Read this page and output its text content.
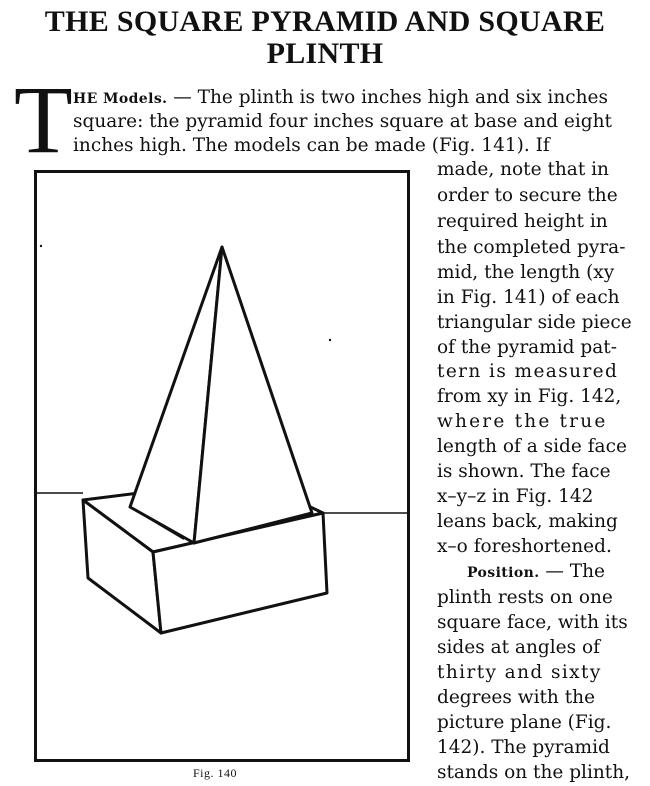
THE SQUARE PYRAMID AND SQUARE
PLINTH
T HE Models. — The plinth is two inches high and six inches
square: the pyramid four inches square at base and eight
inches high. The models can be made (Fig. 141). If
Fig. 140
made, note that in
order to secure the
required height in
the completed pyra-
mid, the length (xy
in Fig. 141) of each
triangular side piece
of the pyramid pat-
tern is measured
from xy in Fig. 142,
where the true
length of a side face
is shown. The face
x–y–z in Fig. 142
leans back, making
x–o foreshortened.
Position. — The
plinth rests on one
square face, with its
sides at angles of
thirty and sixty
degrees with the
picture plane (Fig.
142). The pyramid
stands on the plinth,
